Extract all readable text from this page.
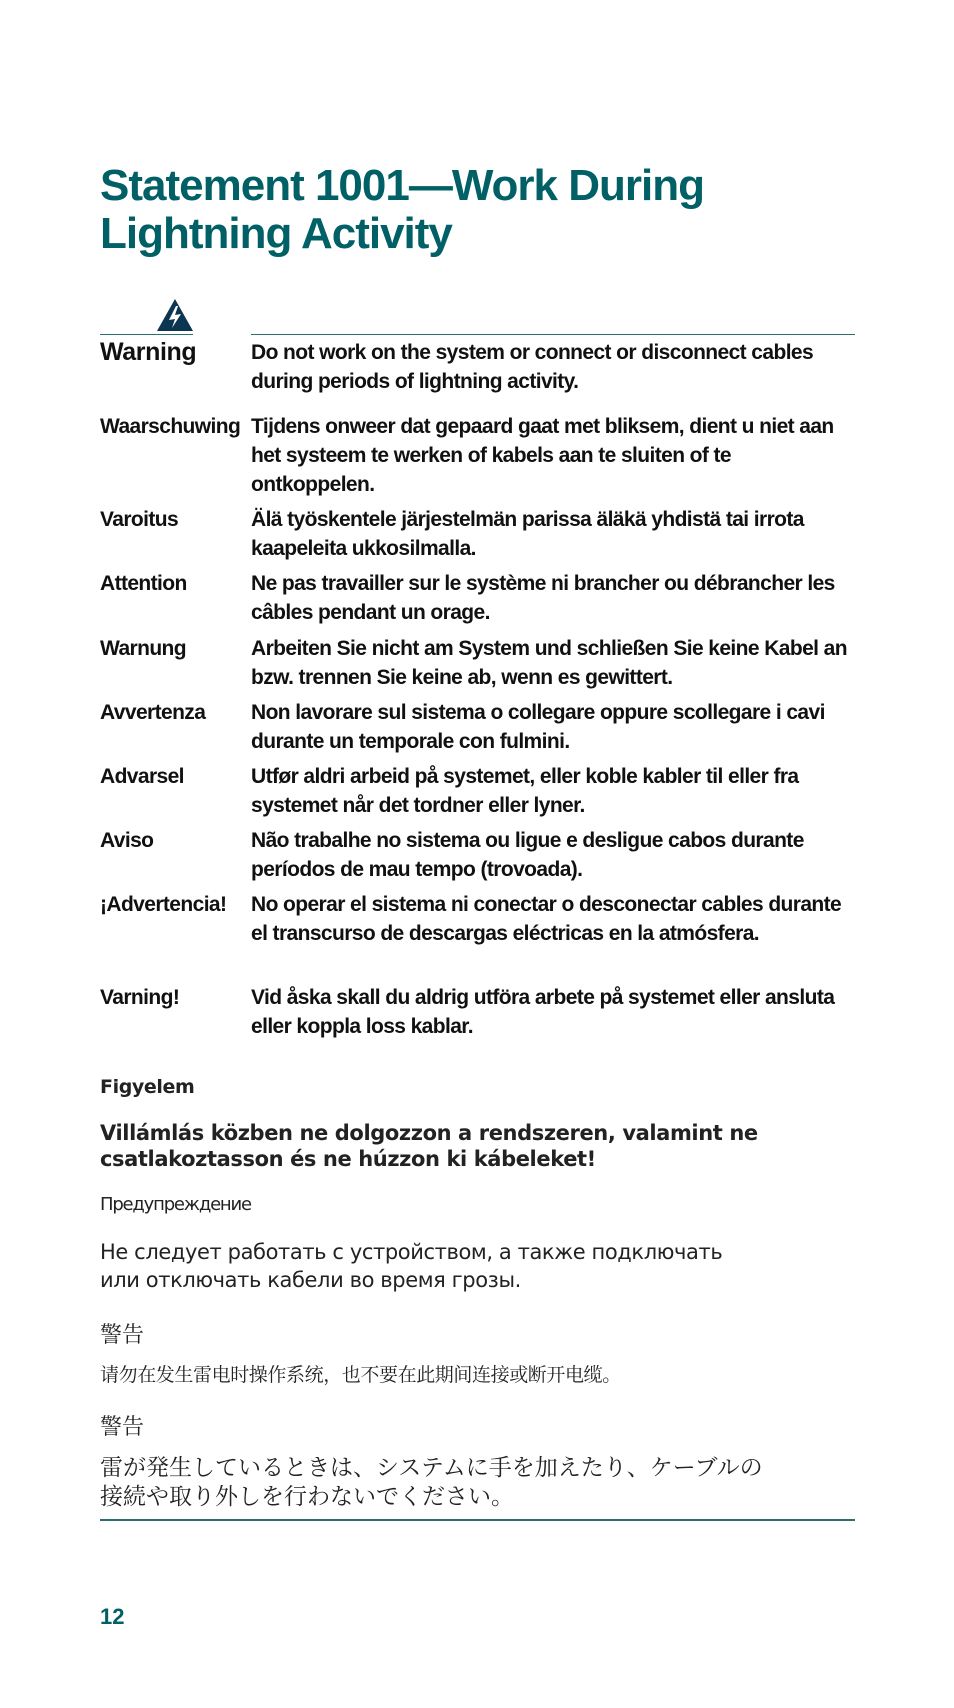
Statement 1001—Work During Lightning Activity
Warning	Do not work on the system or connect or disconnect cables during periods of lightning activity.
Waarschuwing Tijdens onweer dat gepaard gaat met bliksem, dient u niet aan het systeem te werken of kabels aan te sluiten of te ontkoppelen.
Varoitus	Älä työskentele järjestelmän parissa äläkä yhdistä tai irrota kaapeleita ukkosilmalla.
Attention	Ne pas travailler sur le système ni brancher ou débrancher les câbles pendant un orage.
Warnung	Arbeiten Sie nicht am System und schließen Sie keine Kabel an bzw. trennen Sie keine ab, wenn es gewittert.
Avvertenza	Non lavorare sul sistema o collegare oppure scollegare i cavi durante un temporale con fulmini.
Advarsel	Utfør aldri arbeid på systemet, eller koble kabler til eller fra systemet når det tordner eller lyner.
Aviso	Não trabalhe no sistema ou ligue e desligue cabos durante períodos de mau tempo (trovoada).
¡Advertencia!	No operar el sistema ni conectar o desconectar cables durante el transcurso de descargas eléctricas en la atmósfera.
Varning!	Vid åska skall du aldrig utföra arbete på systemet eller ansluta eller koppla loss kablar.
Figyelem
Villámlás közben ne dolgozzon a rendszeren, valamint ne csatlakoztasson és ne húzzon ki kábeleket!
Предупреждение
Не следует работать с устройством, а также подключать или отключать кабели во время грозы.
警告
请勿在发生雷电时操作系统，也不要在此期间连接或断开电缆。
警告
雷が発生しているときは、システムに手を加えたり、ケーブルの接続や取り外しを行わないでください。
12
